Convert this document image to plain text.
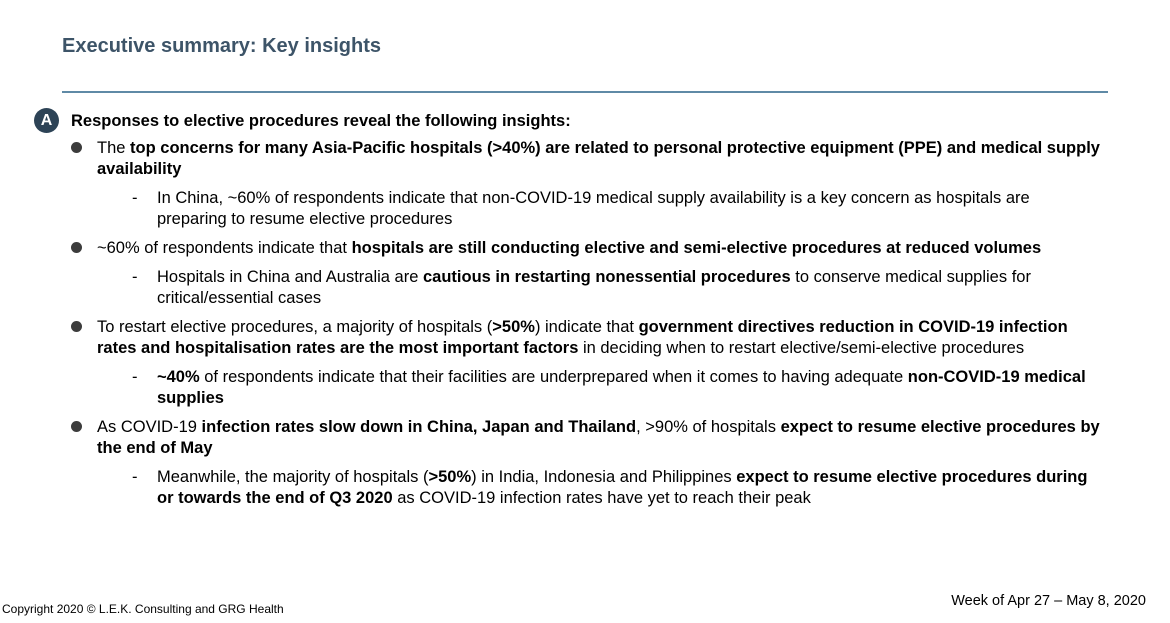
Executive summary: Key insights
A	Responses to elective procedures reveal the following insights:
The top concerns for many Asia-Pacific hospitals (>40%) are related to personal protective equipment (PPE) and medical supply availability
- In China, ~60% of respondents indicate that non-COVID-19 medical supply availability is a key concern as hospitals are preparing to resume elective procedures
~60% of respondents indicate that hospitals are still conducting elective and semi-elective procedures at reduced volumes
- Hospitals in China and Australia are cautious in restarting nonessential procedures to conserve medical supplies for critical/essential cases
To restart elective procedures, a majority of hospitals (>50%) indicate that government directives reduction in COVID-19 infection rates and hospitalisation rates are the most important factors in deciding when to restart elective/semi-elective procedures
- ~40% of respondents indicate that their facilities are underprepared when it comes to having adequate non-COVID-19 medical supplies
As COVID-19 infection rates slow down in China, Japan and Thailand, >90% of hospitals expect to resume elective procedures by the end of May
- Meanwhile, the majority of hospitals (>50%) in India, Indonesia and Philippines expect to resume elective procedures during or towards the end of Q3 2020 as COVID-19 infection rates have yet to reach their peak
Copyright 2020 © L.E.K. Consulting and GRG Health	Week of Apr 27 – May 8, 2020
